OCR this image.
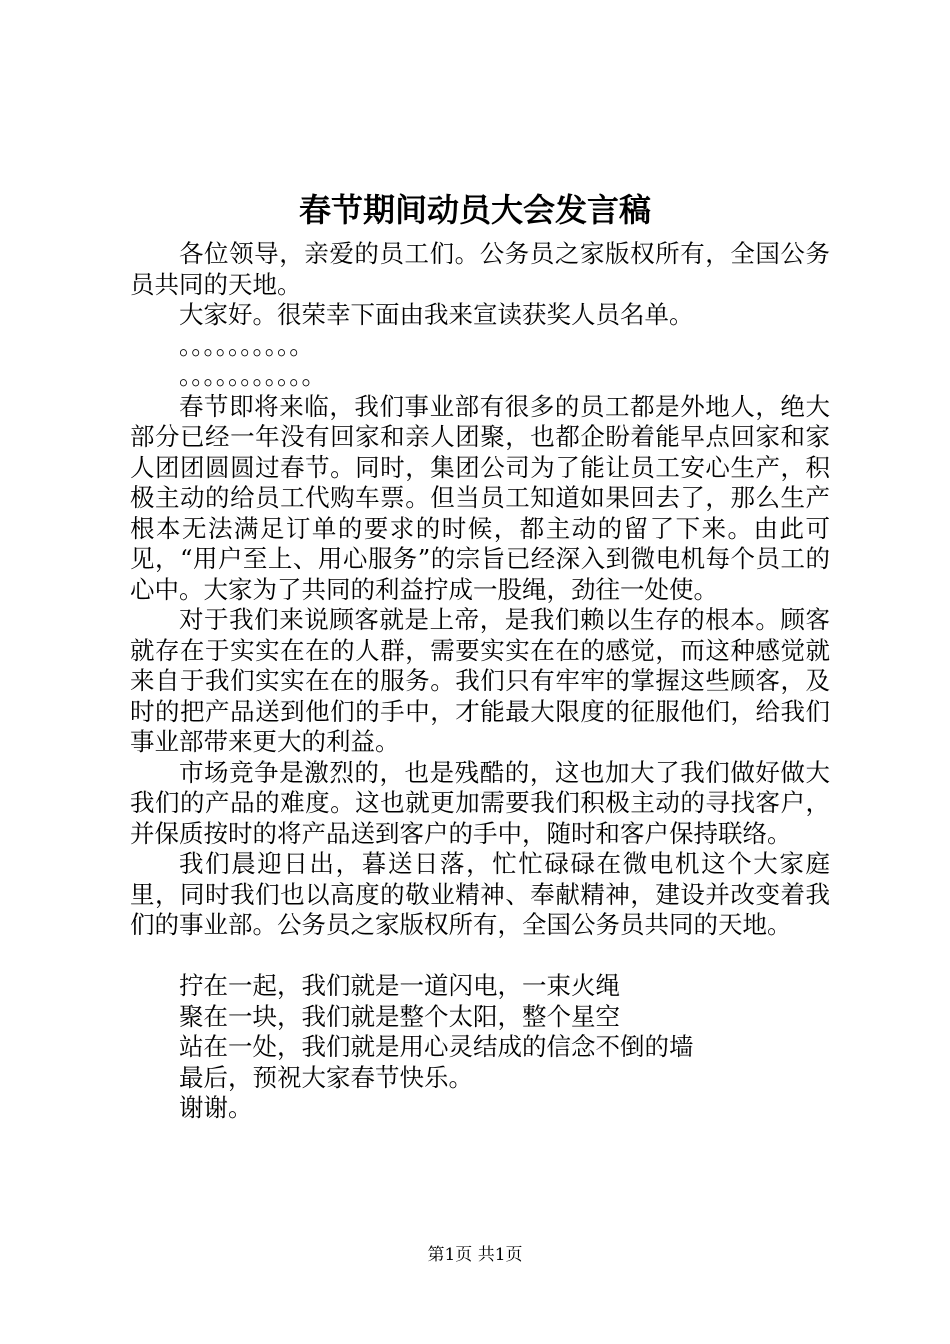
春节期间动员大会发言稿

各位领导，亲爱的员工们。公务员之家版权所有，全国公务员共同的天地。

大家好。很荣幸下面由我来宣读获奖人员名单。

。。。。。。。。。。

。。。。。。。。。。。

春节即将来临，我们事业部有很多的员工都是外地人，绝大部分已经一年没有回家和亲人团聚，也都企盼着能早点回家和家人团团圆圆过春节。同时，集团公司为了能让员工安心生产，积极主动的给员工代购车票。但当员工知道如果回去了，那么生产根本无法满足订单的要求的时候，都主动的留了下来。由此可见，“用户至上、用心服务”的宗旨已经深入到微电机每个员工的心中。大家为了共同的利益拧成一股绳，劲往一处使。

对于我们来说顾客就是上帝，是我们赖以生存的根本。顾客就存在于实实在在的人群，需要实实在在的感觉，而这种感觉就来自于我们实实在在的服务。我们只有牢牢的掌握这些顾客，及时的把产品送到他们的手中，才能最大限度的征服他们，给我们事业部带来更大的利益。

市场竞争是激烈的，也是残酷的，这也加大了我们做好做大我们的产品的难度。这也就更加需要我们积极主动的寻找客户，并保质按时的将产品送到客户的手中，随时和客户保持联络。

我们晨迎日出，暮送日落，忙忙碌碌在微电机这个大家庭里，同时我们也以高度的敬业精神、奉献精神，建设并改变着我们的事业部。公务员之家版权所有，全国公务员共同的天地。

拧在一起，我们就是一道闪电，一束火绳

聚在一块，我们就是整个太阳，整个星空

站在一处，我们就是用心灵结成的信念不倒的墙

最后，预祝大家春节快乐。

谢谢。

第1页 共1页
